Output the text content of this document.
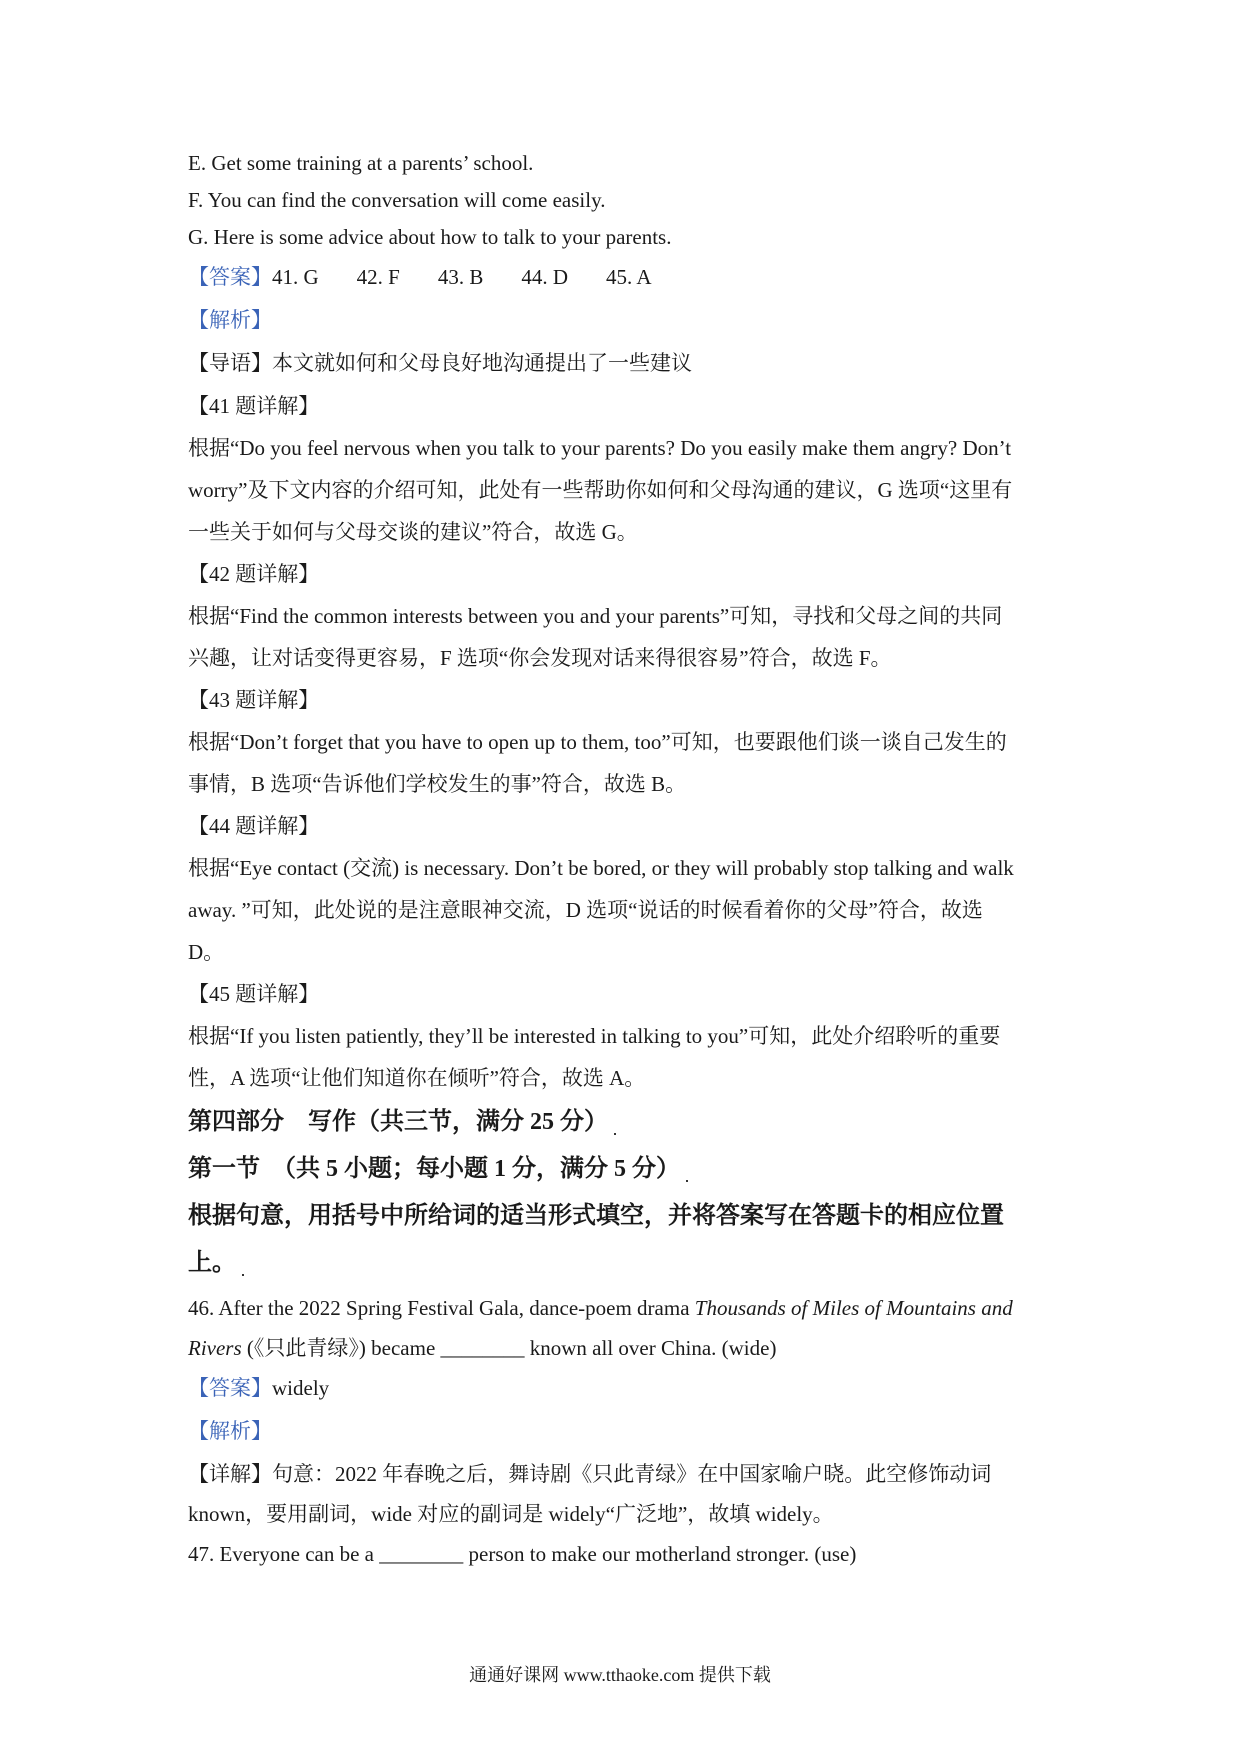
E. Get some training at a parents’ school.
F. You can find the conversation will come easily.
G. Here is some advice about how to talk to your parents.
【答案】41. G 42. F 43. B 44. D 45. A
【解析】
【导语】本文就如何和父母良好地沟通提出了一些建议
【41 题详解】
根据“Do you feel nervous when you talk to your parents? Do you easily make them angry? Don’t
worry”及下文内容的介绍可知，此处有一些帮助你如何和父母沟通的建议，G 选项“这里有
一些关于如何与父母交谈的建议”符合，故选 G。
【42 题详解】
根据“Find the common interests between you and your parents”可知，寻找和父母之间的共同
兴趣，让对话变得更容易，F 选项“你会发现对话来得很容易”符合，故选 F。
【43 题详解】
根据“Don’t forget that you have to open up to them, too”可知，也要跟他们谈一谈自己发生的
事情，B 选项“告诉他们学校发生的事”符合，故选 B。
【44 题详解】
根据“Eye contact (交流) is necessary. Don’t be bored, or they will probably stop talking and walk
away. ”可知，此处说的是注意眼神交流，D 选项“说话的时候看着你的父母”符合，故选
D。
【45 题详解】
根据“If you listen patiently, they’ll be interested in talking to you”可知，此处介绍聆听的重要
性，A 选项“让他们知道你在倾听”符合，故选 A。
第四部分　写作（共三节，满分 25 分）
第一节　（共 5 小题；每小题 1 分，满分 5 分）
根据句意，用括号中所给词的适当形式填空，并将答案写在答题卡的相应位置
上。
46. After the 2022 Spring Festival Gala, dance-poem drama Thousands of Miles of Mountains and
Rivers (《只此青绿》) became ________ known all over China. (wide)
【答案】widely
【解析】
【详解】句意：2022 年春晚之后，舞诗剧《只此青绿》在中国家喻户晓。此空修饰动词
known，要用副词，wide 对应的副词是 widely“广泛地”，故填 widely。
47. Everyone can be a ________ person to make our motherland stronger. (use)
通通好课网 www.tthaoke.com 提供下载
